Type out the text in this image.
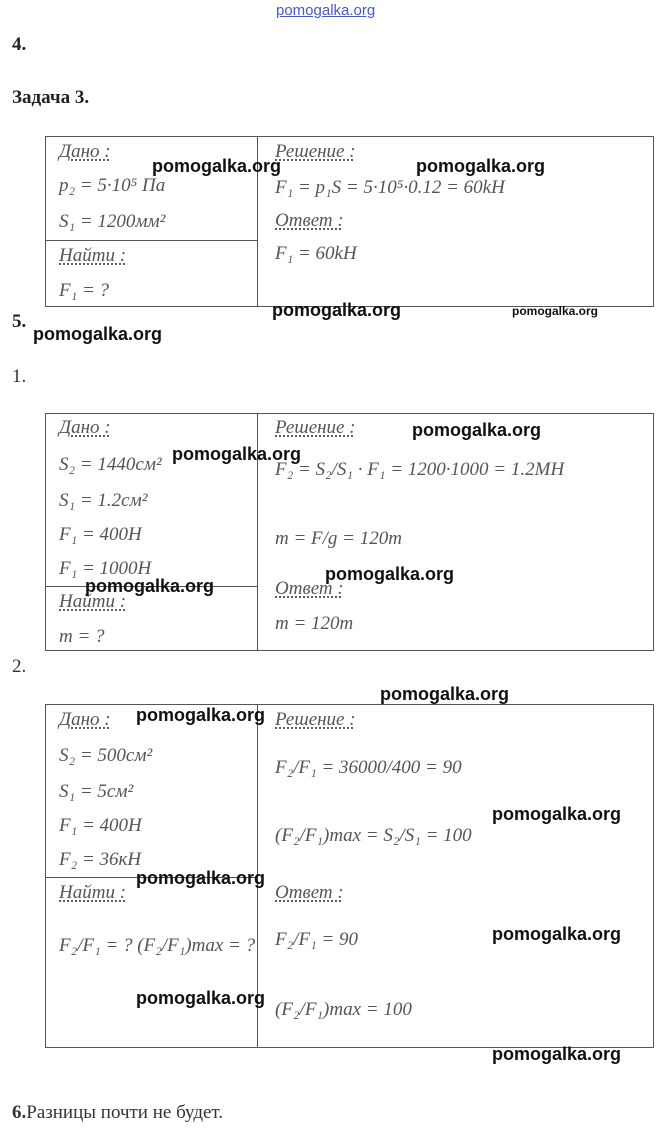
pomogalka.org
4.
Задача 3.
Дано :
p₂ = 5·10⁵ Па
S₁ = 1200мм²
Найти :
F₁ = ?
Решение :
F₁ = p₁S = 5·10⁵·0.12 = 60kH
Ответ :
F₁ = 60kH
pomogalka.org	pomogalka.org
pomogalka.org	pomogalka.org
5.
pomogalka.org
1.
Дано :
S₂ = 1440см²
S₁ = 1.2см²
F₁ = 400H
F₁ = 1000H
Найти :
m = ?
Решение :
F₂ = S₂/S₁ · F₁ = 1200·1000 = 1.2MH
m = F/g = 120m
Ответ :
m = 120m
pomogalka.org
pomogalka.org
pomogalka.org
pomogalka.org
2.
pomogalka.org
Дано :
S₂ = 500см²
S₁ = 5см²
F₁ = 400H
F₂ = 36кН
Найти :
F₂/F₁ = ? (F₂/F₁)max = ?
Решение :
F₂/F₁ = 36000/400 = 90
(F₂/F₁)max = S₂/S₁ = 100
Ответ :
F₂/F₁ = 90
(F₂/F₁)max = 100
pomogalka.org
pomogalka.org
pomogalka.org
pomogalka.org
pomogalka.org
pomogalka.org
6.Разницы почти не будет.
